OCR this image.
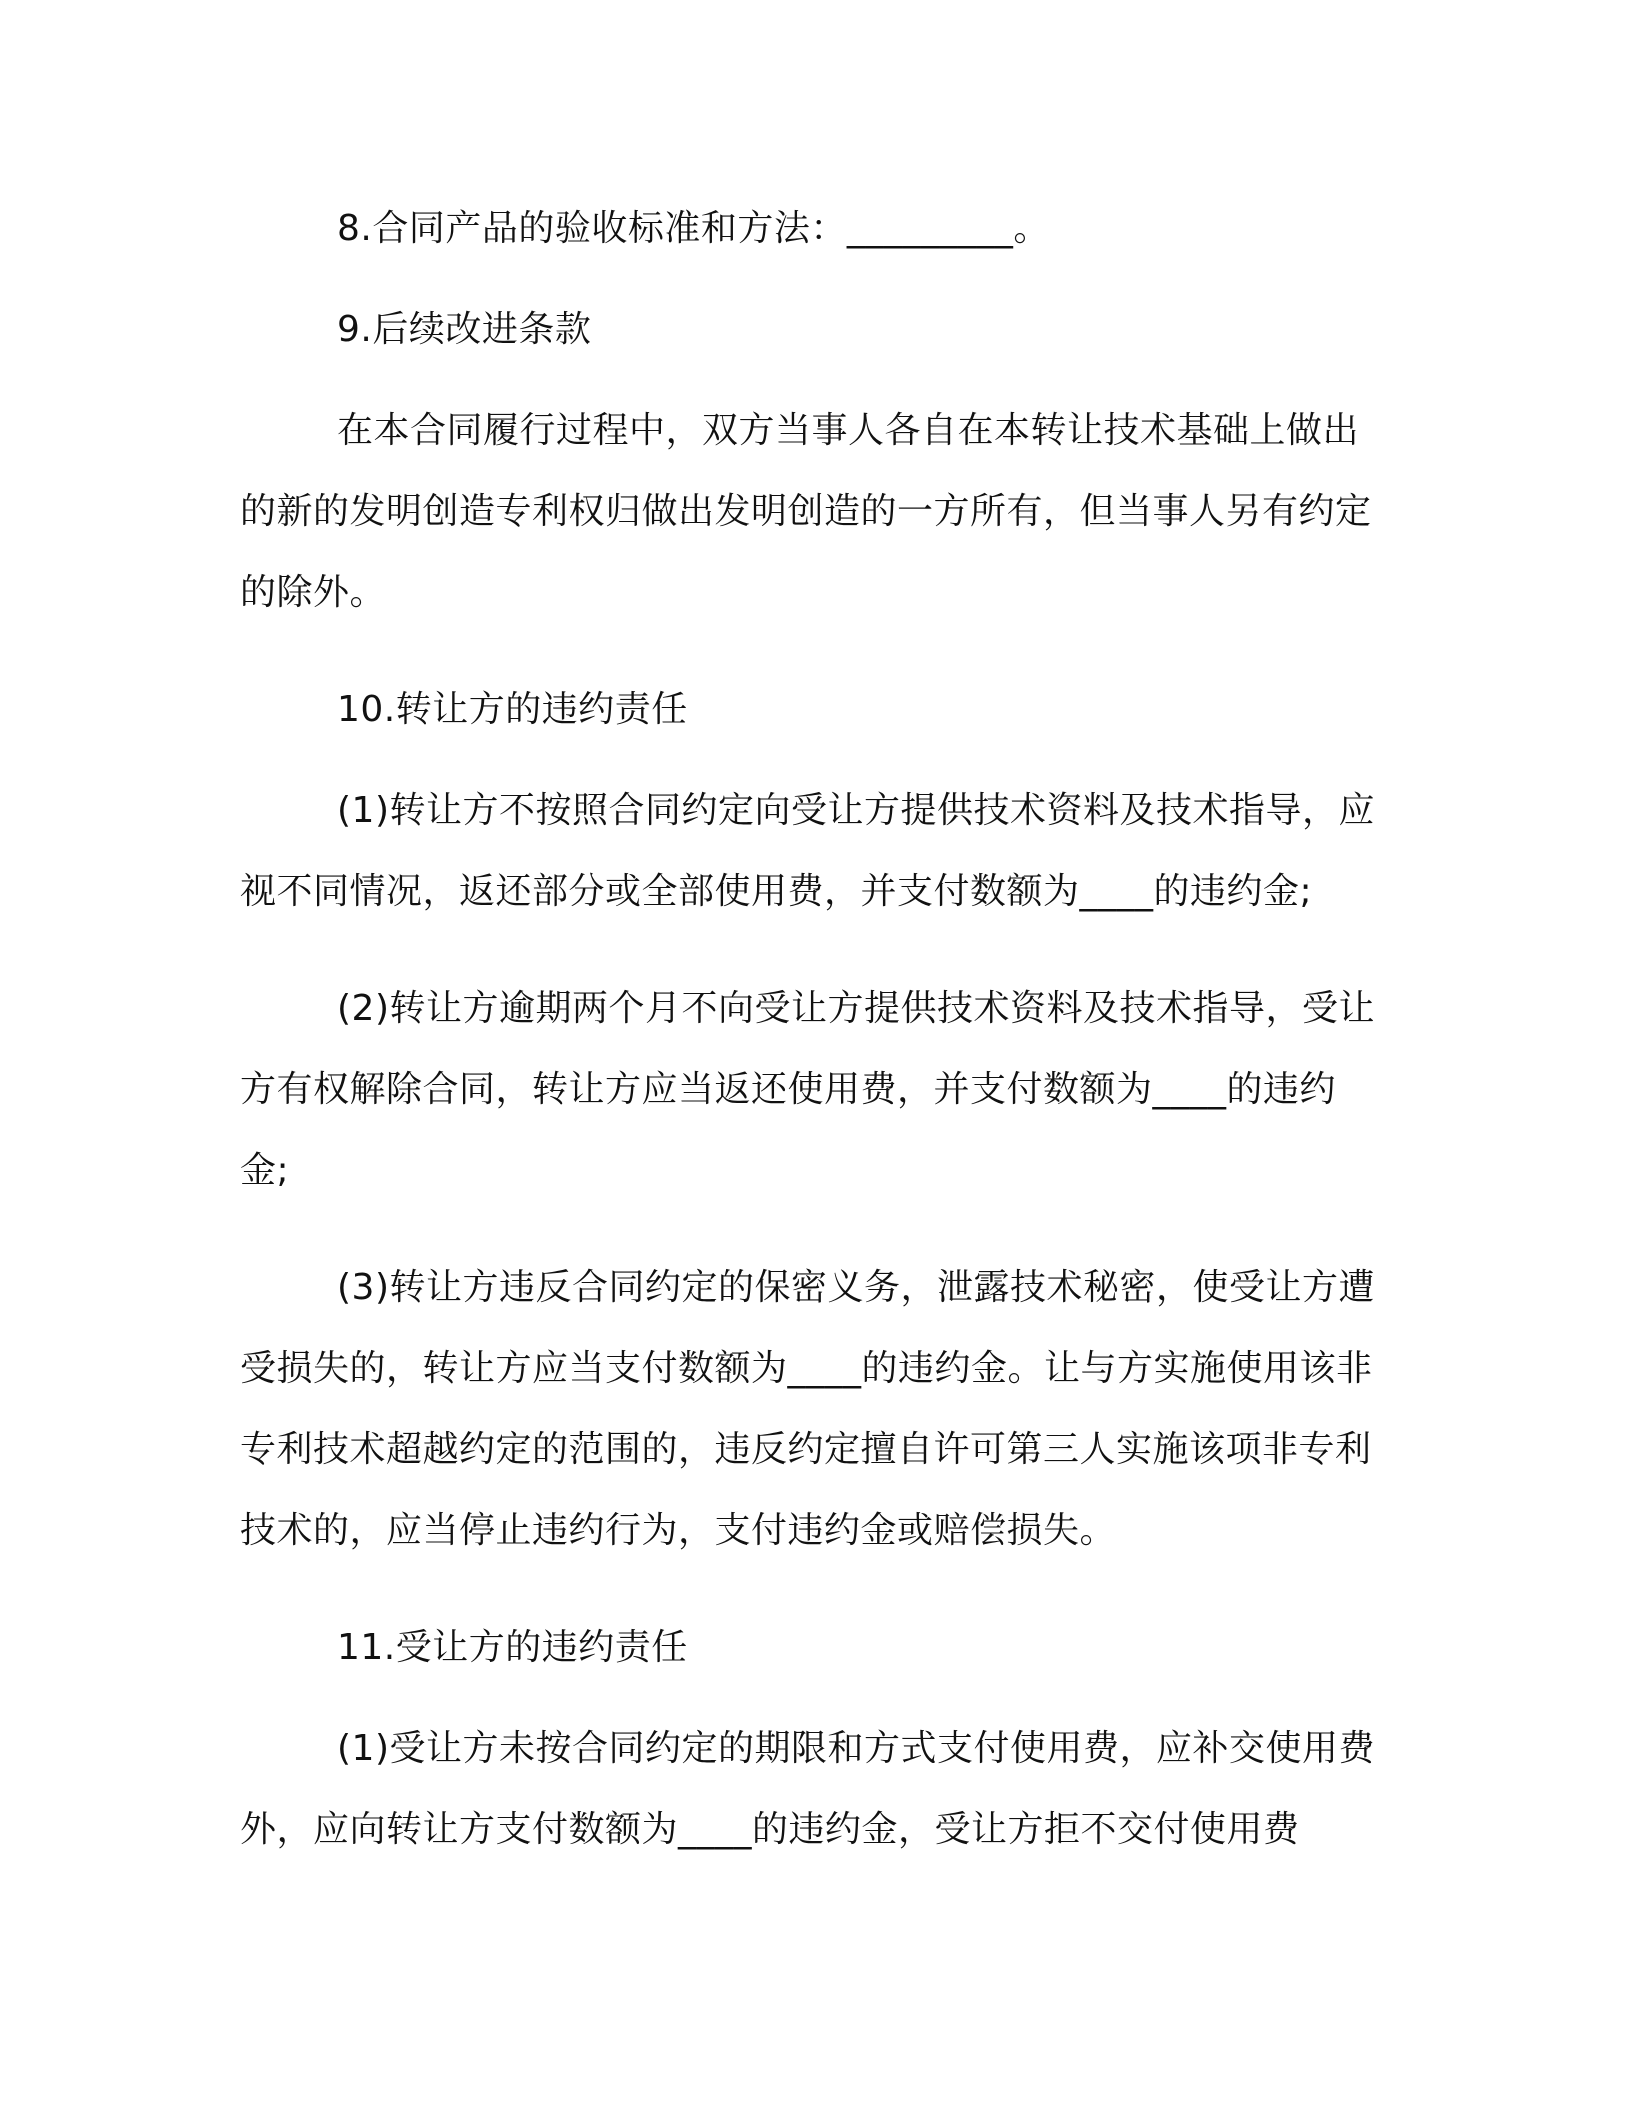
8.合同产品的验收标准和方法：_________。

9.后续改进条款

在本合同履行过程中，双方当事人各自在本转让技术基础上做出的新的发明创造专利权归做出发明创造的一方所有，但当事人另有约定的除外。

10.转让方的违约责任

(1)转让方不按照合同约定向受让方提供技术资料及技术指导，应视不同情况，返还部分或全部使用费，并支付数额为____的违约金;

(2)转让方逾期两个月不向受让方提供技术资料及技术指导，受让方有权解除合同，转让方应当返还使用费，并支付数额为____的违约金;

(3)转让方违反合同约定的保密义务，泄露技术秘密，使受让方遭受损失的，转让方应当支付数额为____的违约金。让与方实施使用该非专利技术超越约定的范围的，违反约定擅自许可第三人实施该项非专利技术的，应当停止违约行为，支付违约金或赔偿损失。

11.受让方的违约责任

(1)受让方未按合同约定的期限和方式支付使用费，应补交使用费外，应向转让方支付数额为____的违约金，受让方拒不交付使用费
